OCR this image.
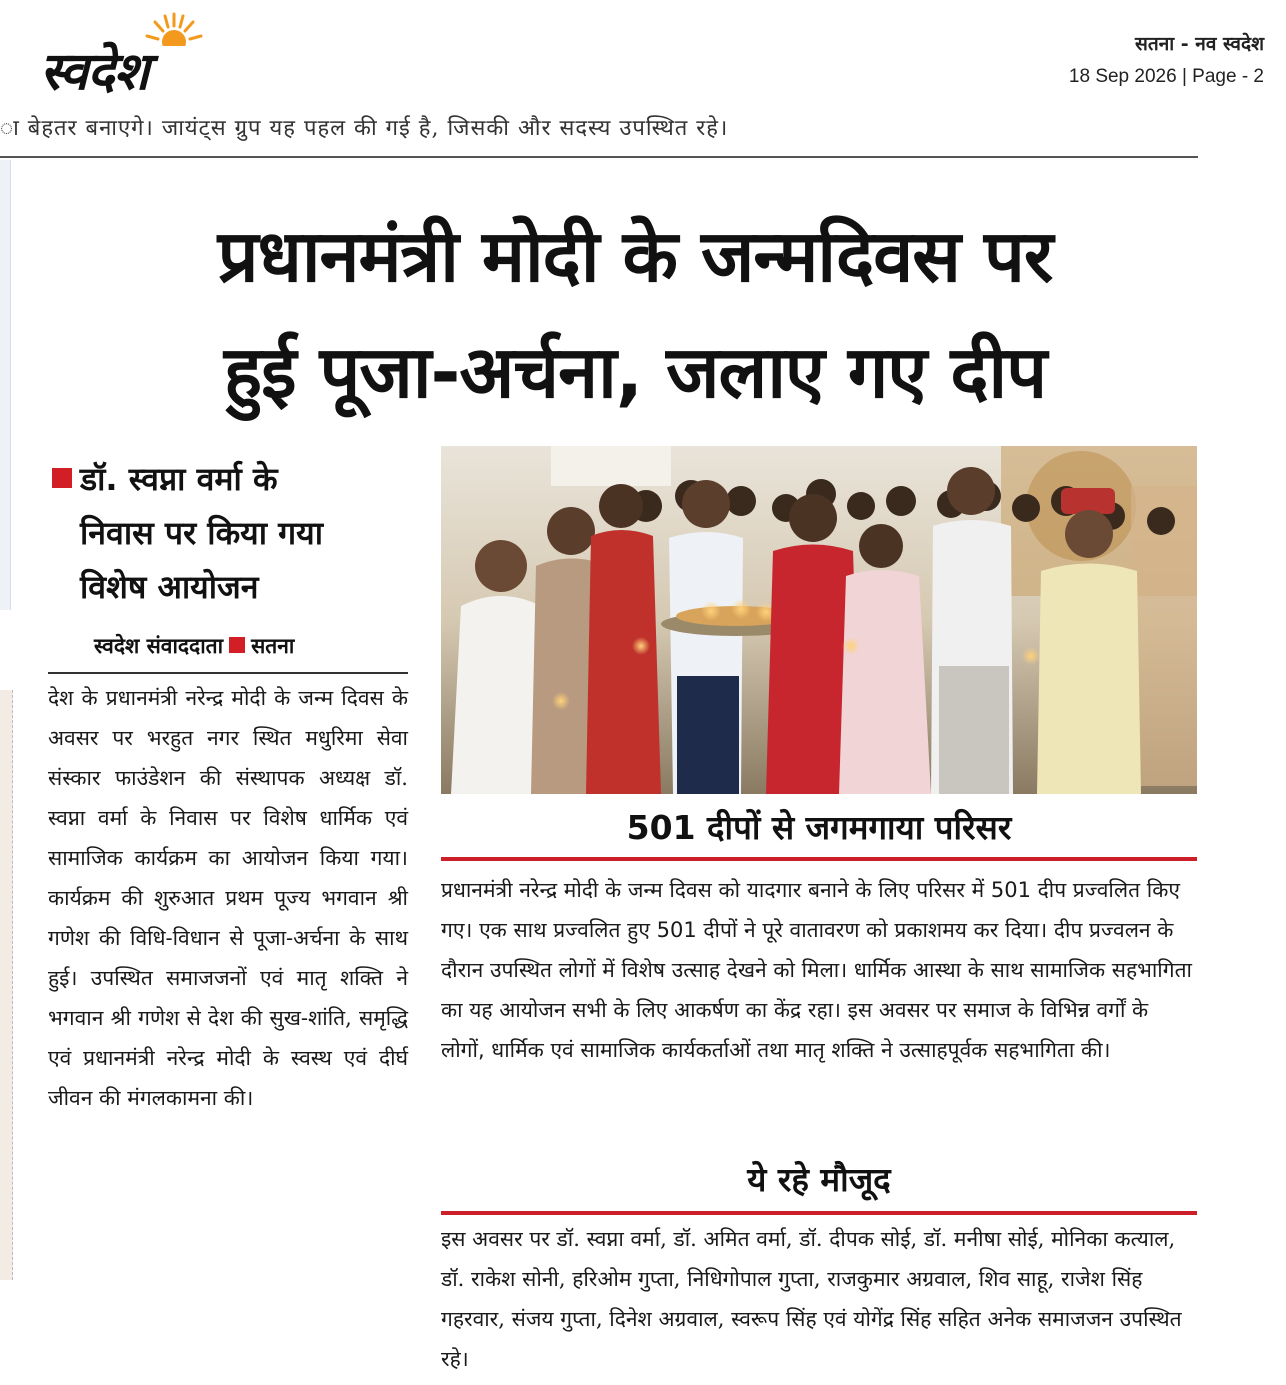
स्वदेश	सतना - नव स्वदेश
18 Sep 2026 | Page - 2
ा बेहतर बनाएगे। जायंट्स ग्रुप यह पहल की गई है, जिसकी और सदस्य उपस्थित रहे।
प्रधानमंत्री मोदी के जन्मदिवस पर
हुई पूजा-अर्चना, जलाए गए दीप
डॉ. स्वप्ना वर्मा के
निवास पर किया गया
विशेष आयोजन
स्वदेश संवाददाता सतना
देश के प्रधानमंत्री नरेन्द्र मोदी के जन्म दिवस के अवसर पर भरहुत नगर स्थित मधुरिमा सेवा संस्कार फाउंडेशन की संस्थापक अध्यक्ष डॉ. स्वप्ना वर्मा के निवास पर विशेष धार्मिक एवं सामाजिक कार्यक्रम का आयोजन किया गया। कार्यक्रम की शुरुआत प्रथम पूज्य भगवान श्री गणेश की विधि-विधान से पूजा-अर्चना के साथ हुई। उपस्थित समाजजनों एवं मातृ शक्ति ने भगवान श्री गणेश से देश की सुख-शांति, समृद्धि एवं प्रधानमंत्री नरेन्द्र मोदी के स्वस्थ एवं दीर्घ जीवन की मंगलकामना की।
501 दीपों से जगमगाया परिसर
प्रधानमंत्री नरेन्द्र मोदी के जन्म दिवस को यादगार बनाने के लिए परिसर में 501 दीप प्रज्वलित किए गए। एक साथ प्रज्वलित हुए 501 दीपों ने पूरे वातावरण को प्रकाशमय कर दिया। दीप प्रज्वलन के दौरान उपस्थित लोगों में विशेष उत्साह देखने को मिला। धार्मिक आस्था के साथ सामाजिक सहभागिता का यह आयोजन सभी के लिए आकर्षण का केंद्र रहा। इस अवसर पर समाज के विभिन्न वर्गों के लोगों, धार्मिक एवं सामाजिक कार्यकर्ताओं तथा मातृ शक्ति ने उत्साहपूर्वक सहभागिता की।
ये रहे मौजूद
इस अवसर पर डॉ. स्वप्ना वर्मा, डॉ. अमित वर्मा, डॉ. दीपक सोई, डॉ. मनीषा सोई, मोनिका कत्याल, डॉ. राकेश सोनी, हरिओम गुप्ता, निधिगोपाल गुप्ता, राजकुमार अग्रवाल, शिव साहू, राजेश सिंह गहरवार, संजय गुप्ता, दिनेश अग्रवाल, स्वरूप सिंह एवं योगेंद्र सिंह सहित अनेक समाजजन उपस्थित रहे।
